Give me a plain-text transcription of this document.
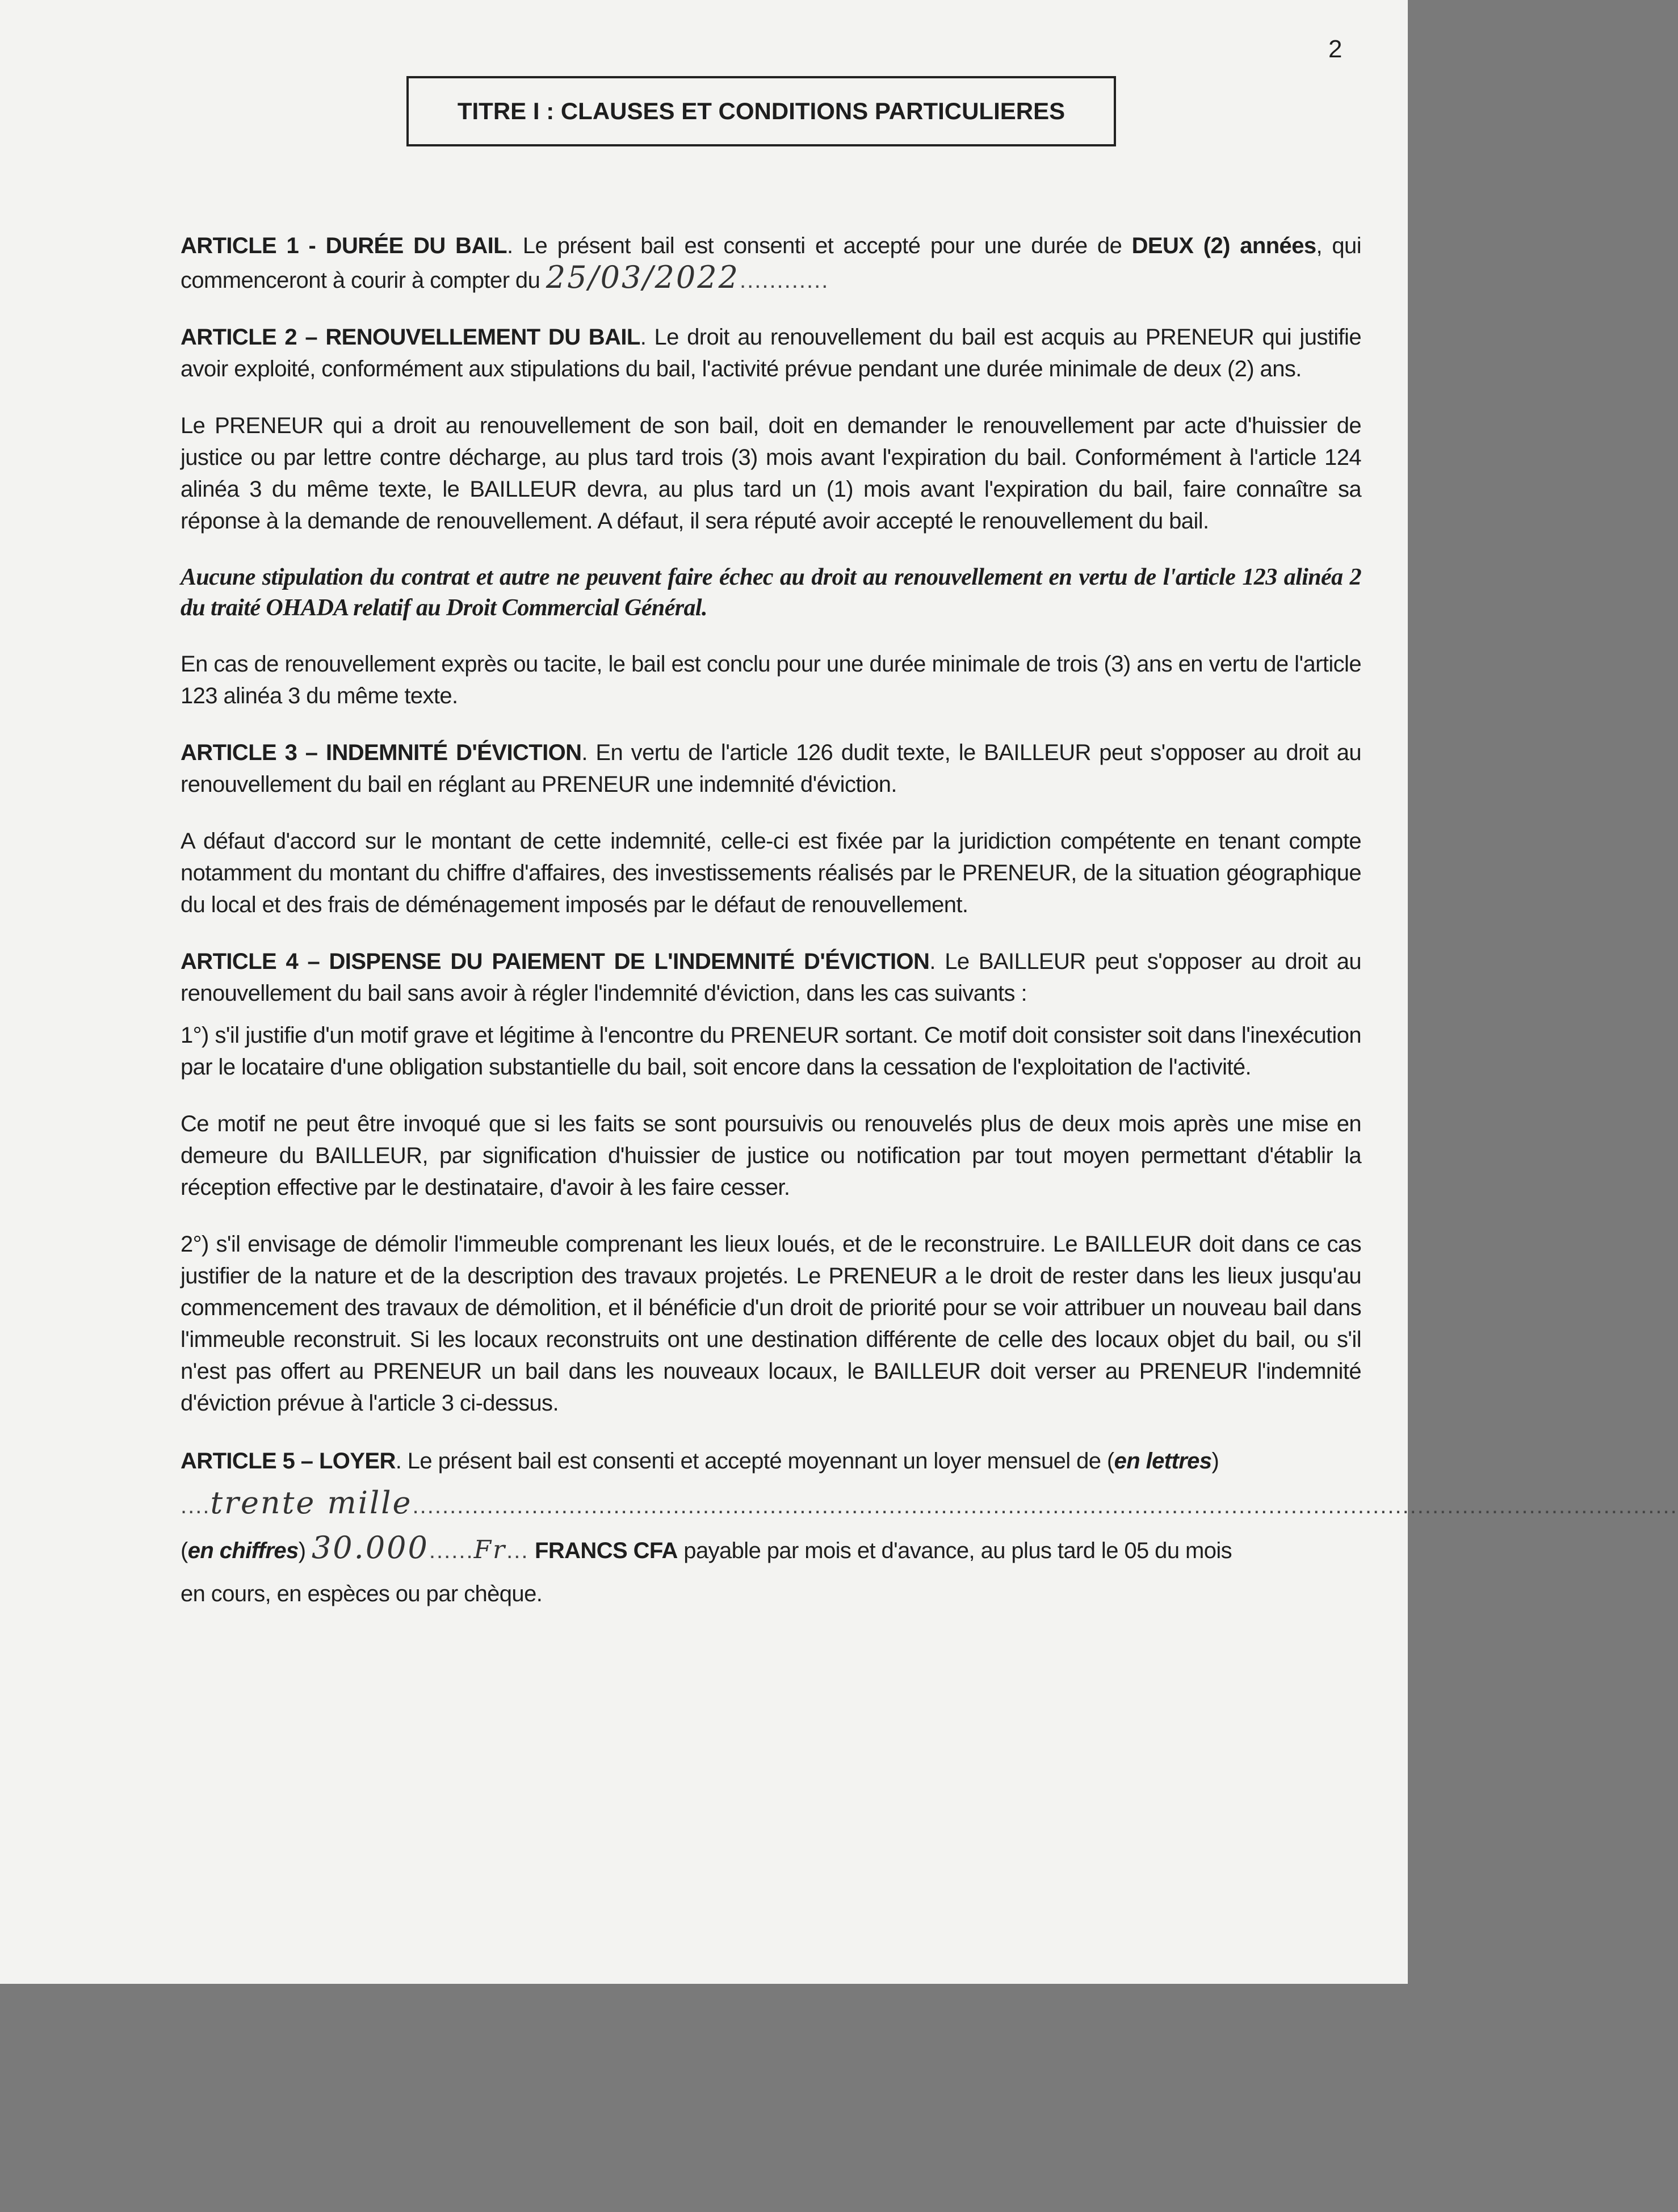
2
TITRE I : CLAUSES ET CONDITIONS PARTICULIERES
ARTICLE 1 - DURÉE DU BAIL. Le présent bail est consenti et accepté pour une durée de DEUX (2) années, qui commenceront à courir à compter du 25/03/2022............
ARTICLE 2 – RENOUVELLEMENT DU BAIL. Le droit au renouvellement du bail est acquis au PRENEUR qui justifie avoir exploité, conformément aux stipulations du bail, l'activité prévue pendant une durée minimale de deux (2) ans.
Le PRENEUR qui a droit au renouvellement de son bail, doit en demander le renouvellement par acte d'huissier de justice ou par lettre contre décharge, au plus tard trois (3) mois avant l'expiration du bail. Conformément à l'article 124 alinéa 3 du même texte, le BAILLEUR devra, au plus tard un (1) mois avant l'expiration du bail, faire connaître sa réponse à la demande de renouvellement. A défaut, il sera réputé avoir accepté le renouvellement du bail.
Aucune stipulation du contrat et autre ne peuvent faire échec au droit au renouvellement en vertu de l'article 123 alinéa 2 du traité OHADA relatif au Droit Commercial Général.
En cas de renouvellement exprès ou tacite, le bail est conclu pour une durée minimale de trois (3) ans en vertu de l'article 123 alinéa 3 du même texte.
ARTICLE 3 – INDEMNITÉ D'ÉVICTION. En vertu de l'article 126 dudit texte, le BAILLEUR peut s'opposer au droit au renouvellement du bail en réglant au PRENEUR une indemnité d'éviction.
A défaut d'accord sur le montant de cette indemnité, celle-ci est fixée par la juridiction compétente en tenant compte notamment du montant du chiffre d'affaires, des investissements réalisés par le PRENEUR, de la situation géographique du local et des frais de déménagement imposés par le défaut de renouvellement.
ARTICLE 4 – DISPENSE DU PAIEMENT DE L'INDEMNITÉ D'ÉVICTION. Le BAILLEUR peut s'opposer au droit au renouvellement du bail sans avoir à régler l'indemnité d'éviction, dans les cas suivants :
1°) s'il justifie d'un motif grave et légitime à l'encontre du PRENEUR sortant. Ce motif doit consister soit dans l'inexécution par le locataire d'une obligation substantielle du bail, soit encore dans la cessation de l'exploitation de l'activité.
Ce motif ne peut être invoqué que si les faits se sont poursuivis ou renouvelés plus de deux mois après une mise en demeure du BAILLEUR, par signification d'huissier de justice ou notification par tout moyen permettant d'établir la réception effective par le destinataire, d'avoir à les faire cesser.
2°) s'il envisage de démolir l'immeuble comprenant les lieux loués, et de le reconstruire. Le BAILLEUR doit dans ce cas justifier de la nature et de la description des travaux projetés. Le PRENEUR a le droit de rester dans les lieux jusqu'au commencement des travaux de démolition, et il bénéficie d'un droit de priorité pour se voir attribuer un nouveau bail dans l'immeuble reconstruit. Si les locaux reconstruits ont une destination différente de celle des locaux objet du bail, ou s'il n'est pas offert au PRENEUR un bail dans les nouveaux locaux, le BAILLEUR doit verser au PRENEUR l'indemnité d'éviction prévue à l'article 3 ci-dessus.
ARTICLE 5 – LOYER. Le présent bail est consenti et accepté moyennant un loyer mensuel de (en lettres)
....trente mille..........................................................................................................................................................................
(en chiffres) 30.000......Fr... FRANCS CFA payable par mois et d'avance, au plus tard le 05 du mois
en cours, en espèces ou par chèque.
